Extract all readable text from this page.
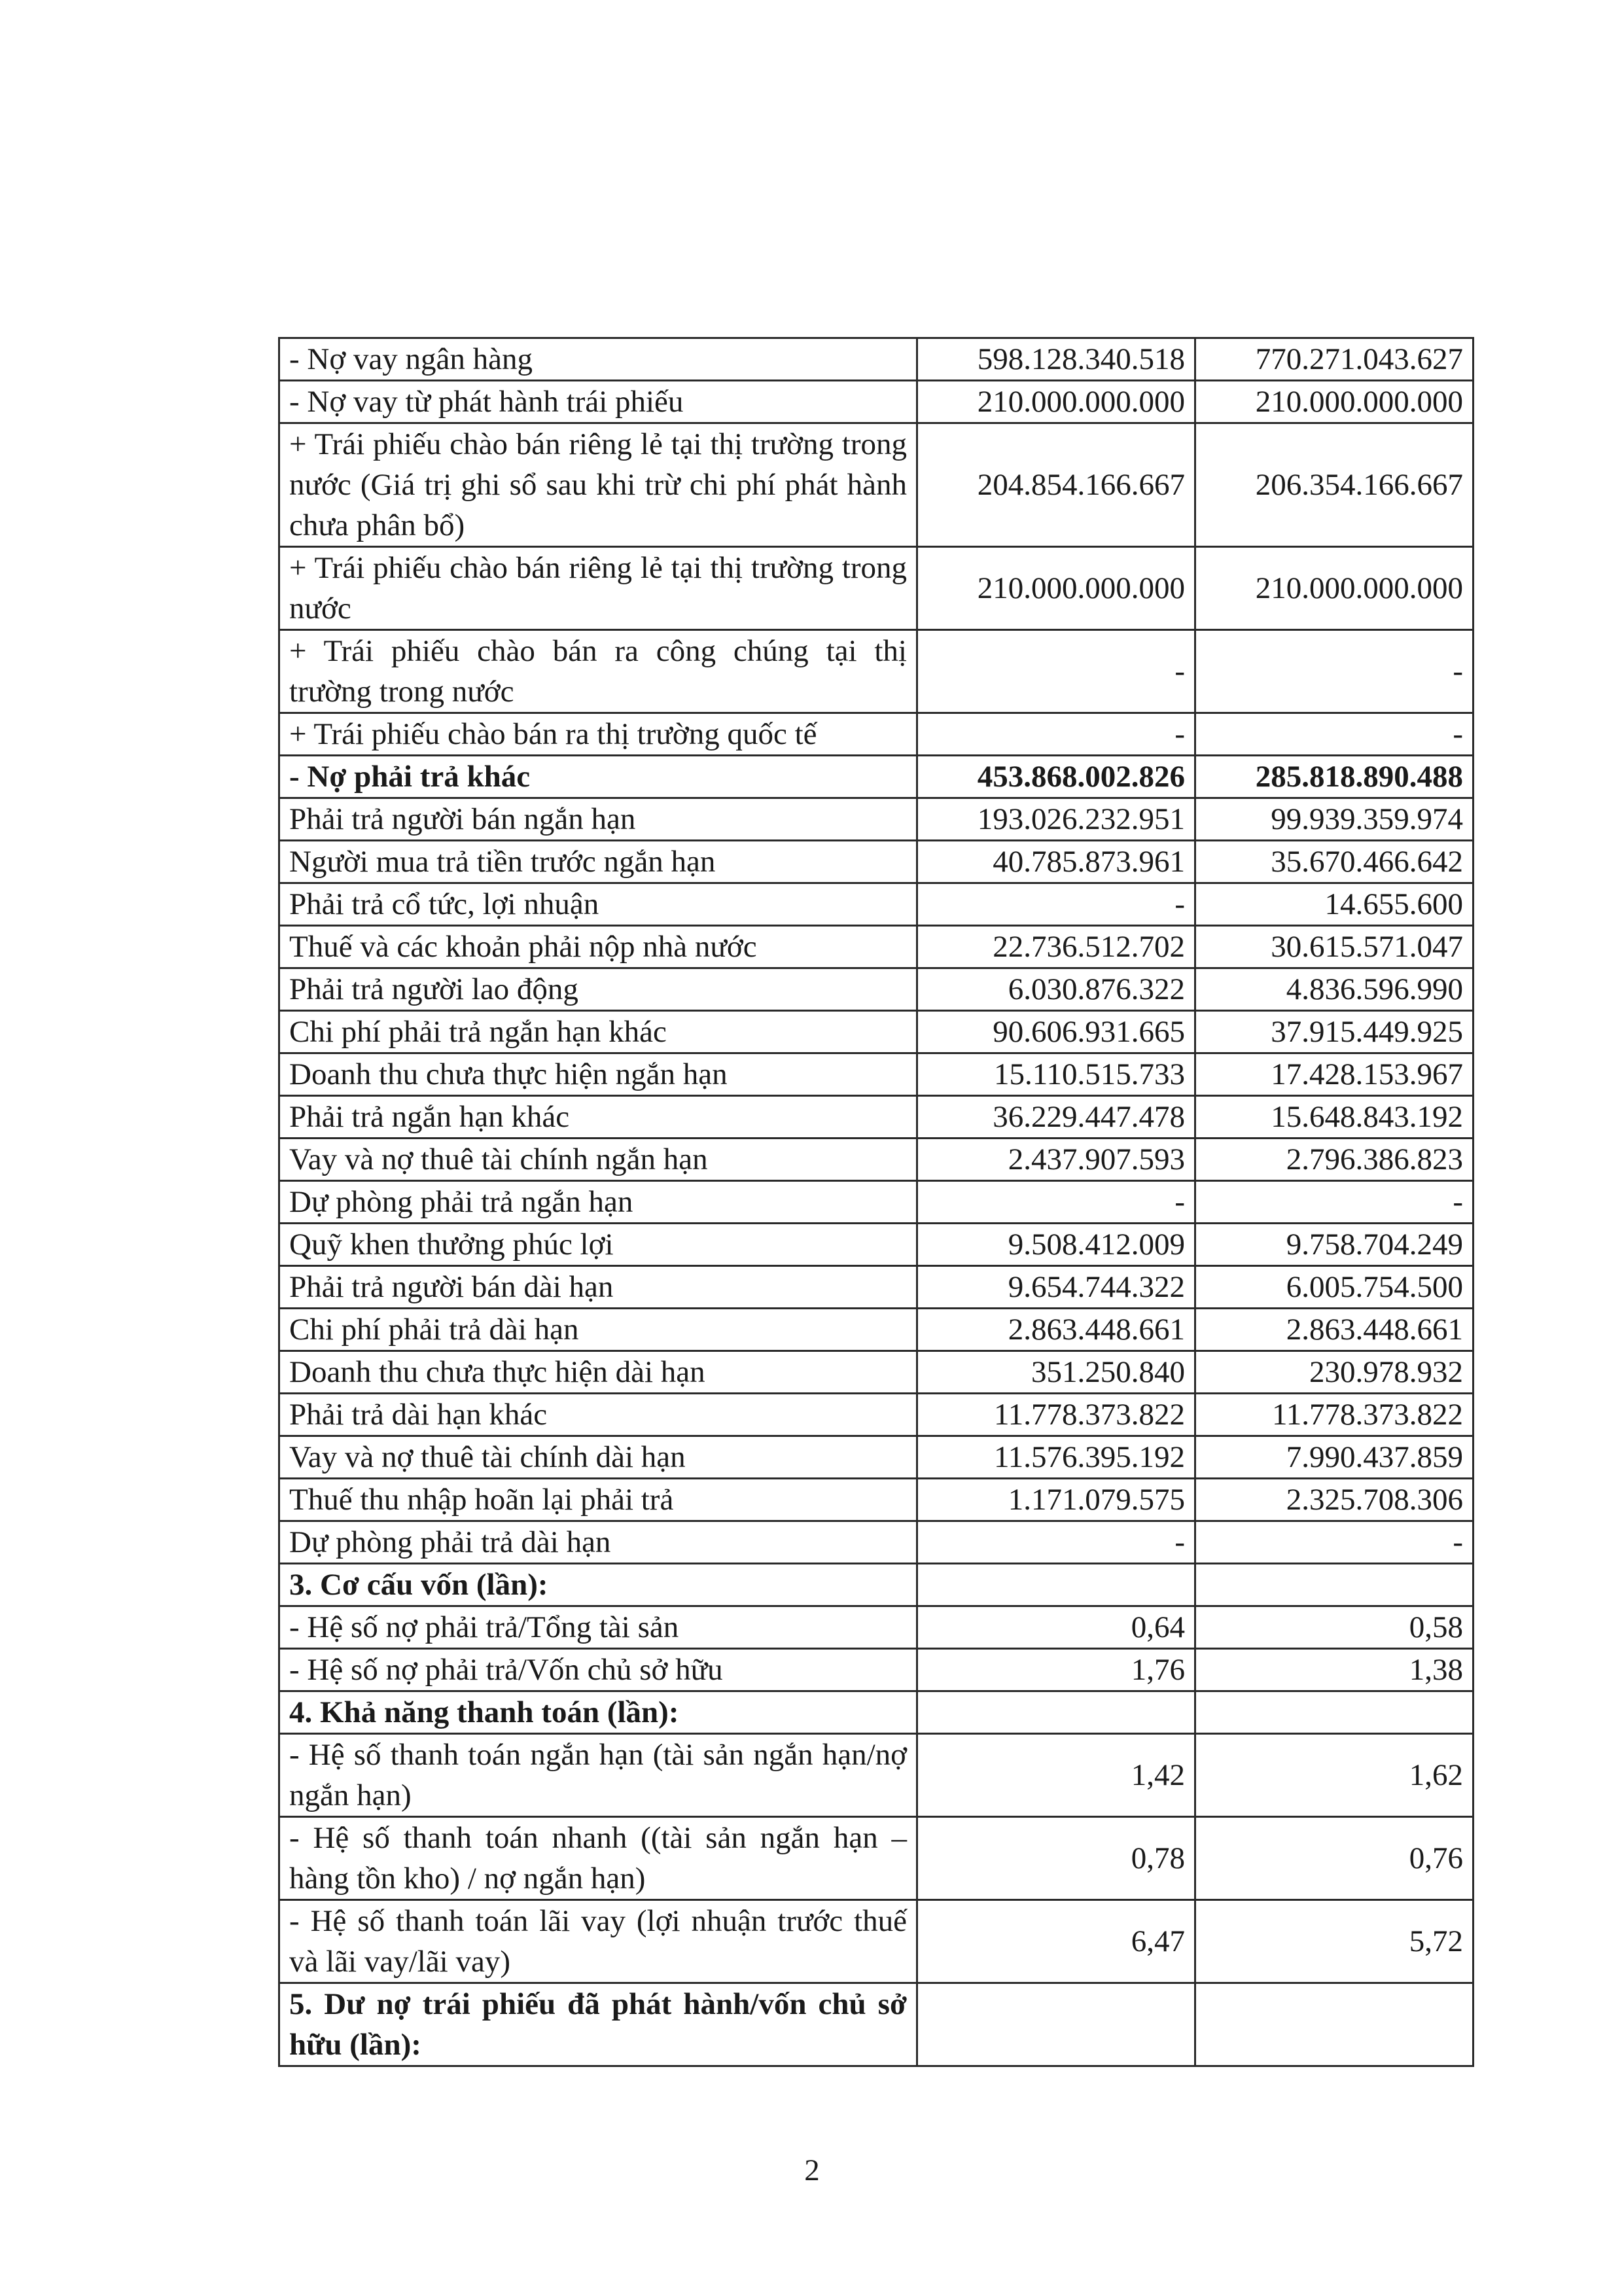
- Nợ vay ngân hàng	598.128.340.518	770.271.043.627
- Nợ vay từ phát hành trái phiếu	210.000.000.000	210.000.000.000
+ Trái phiếu chào bán riêng lẻ tại thị trường trong nước (Giá trị ghi sổ sau khi trừ chi phí phát hành chưa phân bổ)	204.854.166.667	206.354.166.667
+ Trái phiếu chào bán riêng lẻ tại thị trường trong nước	210.000.000.000	210.000.000.000
+ Trái phiếu chào bán ra công chúng tại thị trường trong nước	-	-
+ Trái phiếu chào bán ra thị trường quốc tế	-	-
- Nợ phải trả khác	453.868.002.826	285.818.890.488
Phải trả người bán ngắn hạn	193.026.232.951	99.939.359.974
Người mua trả tiền trước ngắn hạn	40.785.873.961	35.670.466.642
Phải trả cổ tức, lợi nhuận	-	14.655.600
Thuế và các khoản phải nộp nhà nước	22.736.512.702	30.615.571.047
Phải trả người lao động	6.030.876.322	4.836.596.990
Chi phí phải trả ngắn hạn khác	90.606.931.665	37.915.449.925
Doanh thu chưa thực hiện ngắn hạn	15.110.515.733	17.428.153.967
Phải trả ngắn hạn khác	36.229.447.478	15.648.843.192
Vay và nợ thuê tài chính ngắn hạn	2.437.907.593	2.796.386.823
Dự phòng phải trả ngắn hạn	-	-
Quỹ khen thưởng phúc lợi	9.508.412.009	9.758.704.249
Phải trả người bán dài hạn	9.654.744.322	6.005.754.500
Chi phí phải trả dài hạn	2.863.448.661	2.863.448.661
Doanh thu chưa thực hiện dài hạn	351.250.840	230.978.932
Phải trả dài hạn khác	11.778.373.822	11.778.373.822
Vay và nợ thuê tài chính dài hạn	11.576.395.192	7.990.437.859
Thuế thu nhập hoãn lại phải trả	1.171.079.575	2.325.708.306
Dự phòng phải trả dài hạn	-	-
3. Cơ cấu vốn (lần):		
- Hệ số nợ phải trả/Tổng tài sản	0,64	0,58
- Hệ số nợ phải trả/Vốn chủ sở hữu	1,76	1,38
4. Khả năng thanh toán (lần):		
- Hệ số thanh toán ngắn hạn (tài sản ngắn hạn/nợ ngắn hạn)	1,42	1,62
- Hệ số thanh toán nhanh ((tài sản ngắn hạn – hàng tồn kho) / nợ ngắn hạn)	0,78	0,76
- Hệ số thanh toán lãi vay (lợi nhuận trước thuế và lãi vay/lãi vay)	6,47	5,72
5. Dư nợ trái phiếu đã phát hành/vốn chủ sở hữu (lần):		
2
